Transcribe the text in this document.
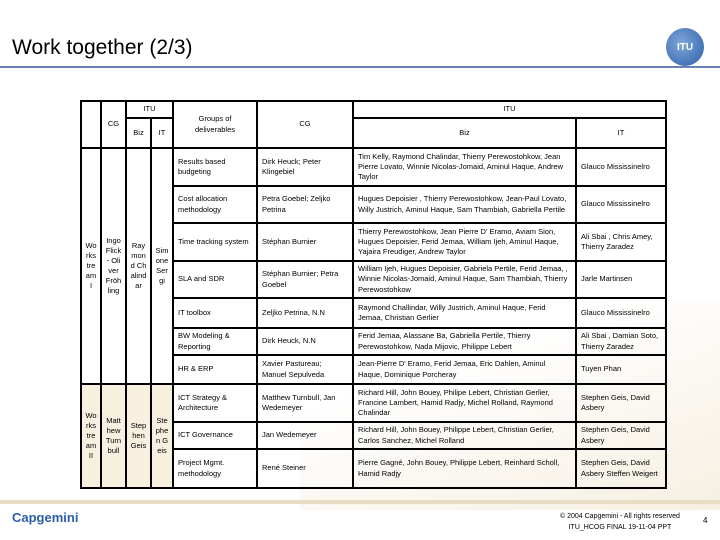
Work together (2/3)	ITU
	CG	ITU		Groups of deliverables	CG	ITU	
		Biz	IT			Biz	IT
Workstream I	Ingo Flick - Oliver Fröhling	Raymond Chalindar	Simone Sergi	Results based budgeting	Dirk Heuck; Peter Klingebiel	Tim Kelly, Raymond Chalindar, Thierry Perewostohkow, Jean Pierre Lovato, Winnie Nicolas-Jomaid, Aminul Haque, Andrew Taylor	Glauco Mississinelro
				Cost allocation methodology	Petra Goebel; Zeljko Petrina	Hugues Depoisier , Thierry Perewostohkow, Jean-Paul Lovato, Willy Justrich, Aminul Haque, Sam Thambiah, Gabriella Pertile	Glauco Mississinelro
				Time tracking system	Stéphan Burnier	Thierry Perewostohkow, Jean Pierre D' Eramo, Aviam Sion, Hugues Depoisier, Ferid Jemaa, William Ijeh, Aminul Haque, Yajaira Freudiger, Andrew Taylor	Ali Sbai , Chris Amey, Thierry Zaradez
				SLA and SDR	Stéphan Burnier; Petra Goebel	William Ijeh, Hugues Depoisier, Gabriela Pertile, Ferid Jemaa, , Winnie Nicolas-Jomaid, Aminul Haque, Sam Thambiah, Thierry Perewostohkow	Jarle Martinsen
				IT toolbox	Zeljko Petrina, N.N	Raymond Challindar, Willy Justrich, Aminul Haque, Ferid Jemaa, Christian Gerlier	Glauco Mississinelro
				BW Modeling & Reporting	Dirk Heuck, N.N	Ferid Jemaa, Alassane Ba, Gabriella Pertile, Thierry Perewostohkow, Nada Mijovic, Philippe Lebert	Ali Sbai , Damian Soto, Thierry Zaradez
				HR & ERP	Xavier Pastureau; Manuel Sepulveda	Jean-Pierre D' Eramo, Ferid Jemaa, Eric Dahlen, Aminul Haque, Dominique Porcheray	Tuyen Phan
Workstream II	Matthew Turnbull	Stephen Geis	Stephen Geis	ICT Strategy & Architecture	Matthew Turnbull, Jan Wedemeyer	Richard Hill, John Bouey, Philipe Lebert, Christian Gerlier, Francine Lambert, Hamid Radjy, Michel Rolland, Raymond Chalindar	Stephen Geis, David Asbery
				ICT Governance	Jan Wedemeyer	Richard Hill, John Bouey, Philippe Lebert, Christian Gerlier, Carlos Sanchez, Michel Rolland	Stephen Geis, David Asbery
				Project Mgmt. methodology	René Steiner	Pierre Gagné, John Bouey, Philippe Lebert, Reinhard Scholl, Hamid Radjy	Stephen Geis, David Asbery Steffen Weigert
Capgemini	© 2004 Capgemini - All rights reserved
ITU_HCOG FINAL 19-11-04 PPT
4
